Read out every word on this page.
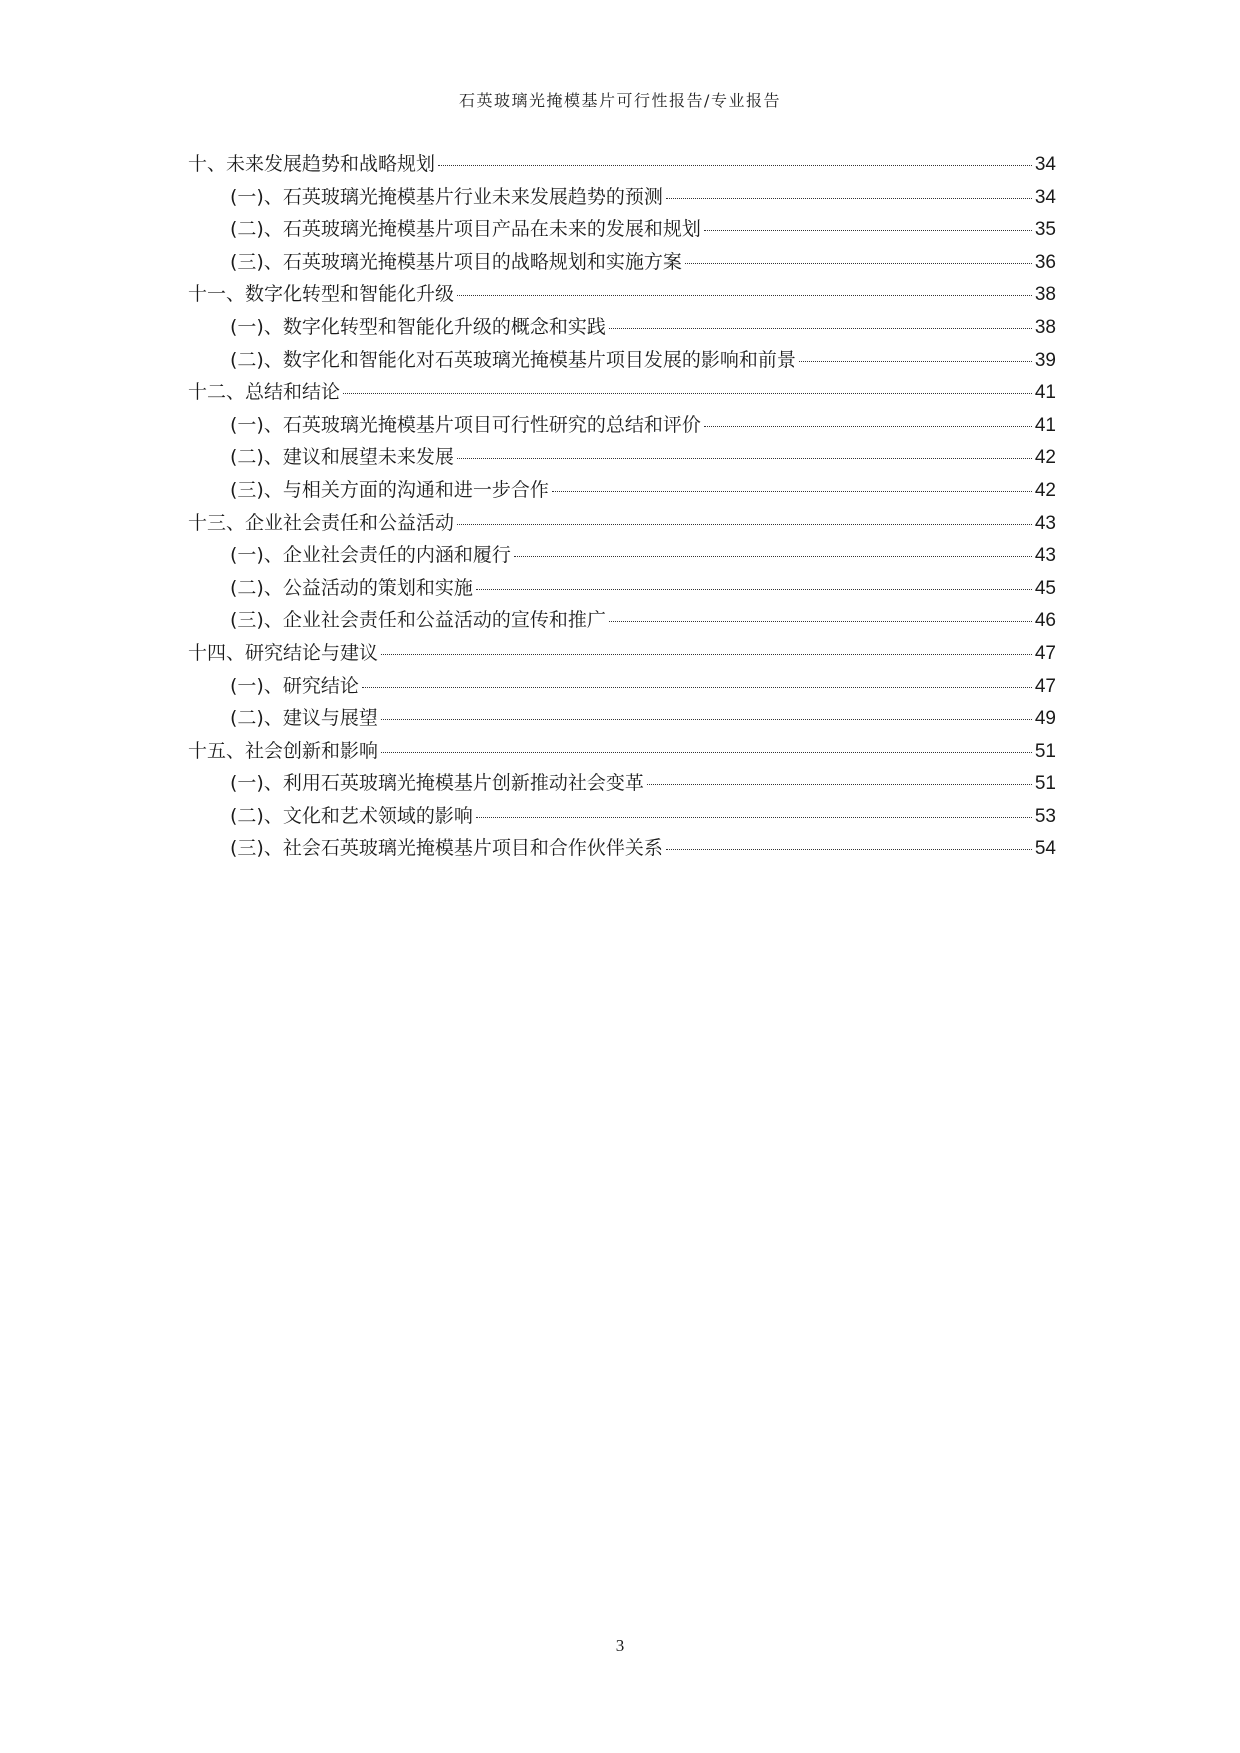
石英玻璃光掩模基片可行性报告/专业报告
十、未来发展趋势和战略规划	34
(一)、石英玻璃光掩模基片行业未来发展趋势的预测	34
(二)、石英玻璃光掩模基片项目产品在未来的发展和规划	35
(三)、石英玻璃光掩模基片项目的战略规划和实施方案	36
十一、数字化转型和智能化升级	38
(一)、数字化转型和智能化升级的概念和实践	38
(二)、数字化和智能化对石英玻璃光掩模基片项目发展的影响和前景	39
十二、总结和结论	41
(一)、石英玻璃光掩模基片项目可行性研究的总结和评价	41
(二)、建议和展望未来发展	42
(三)、与相关方面的沟通和进一步合作	42
十三、企业社会责任和公益活动	43
(一)、企业社会责任的内涵和履行	43
(二)、公益活动的策划和实施	45
(三)、企业社会责任和公益活动的宣传和推广	46
十四、研究结论与建议	47
(一)、研究结论	47
(二)、建议与展望	49
十五、社会创新和影响	51
(一)、利用石英玻璃光掩模基片创新推动社会变革	51
(二)、文化和艺术领域的影响	53
(三)、社会石英玻璃光掩模基片项目和合作伙伴关系	54
3
